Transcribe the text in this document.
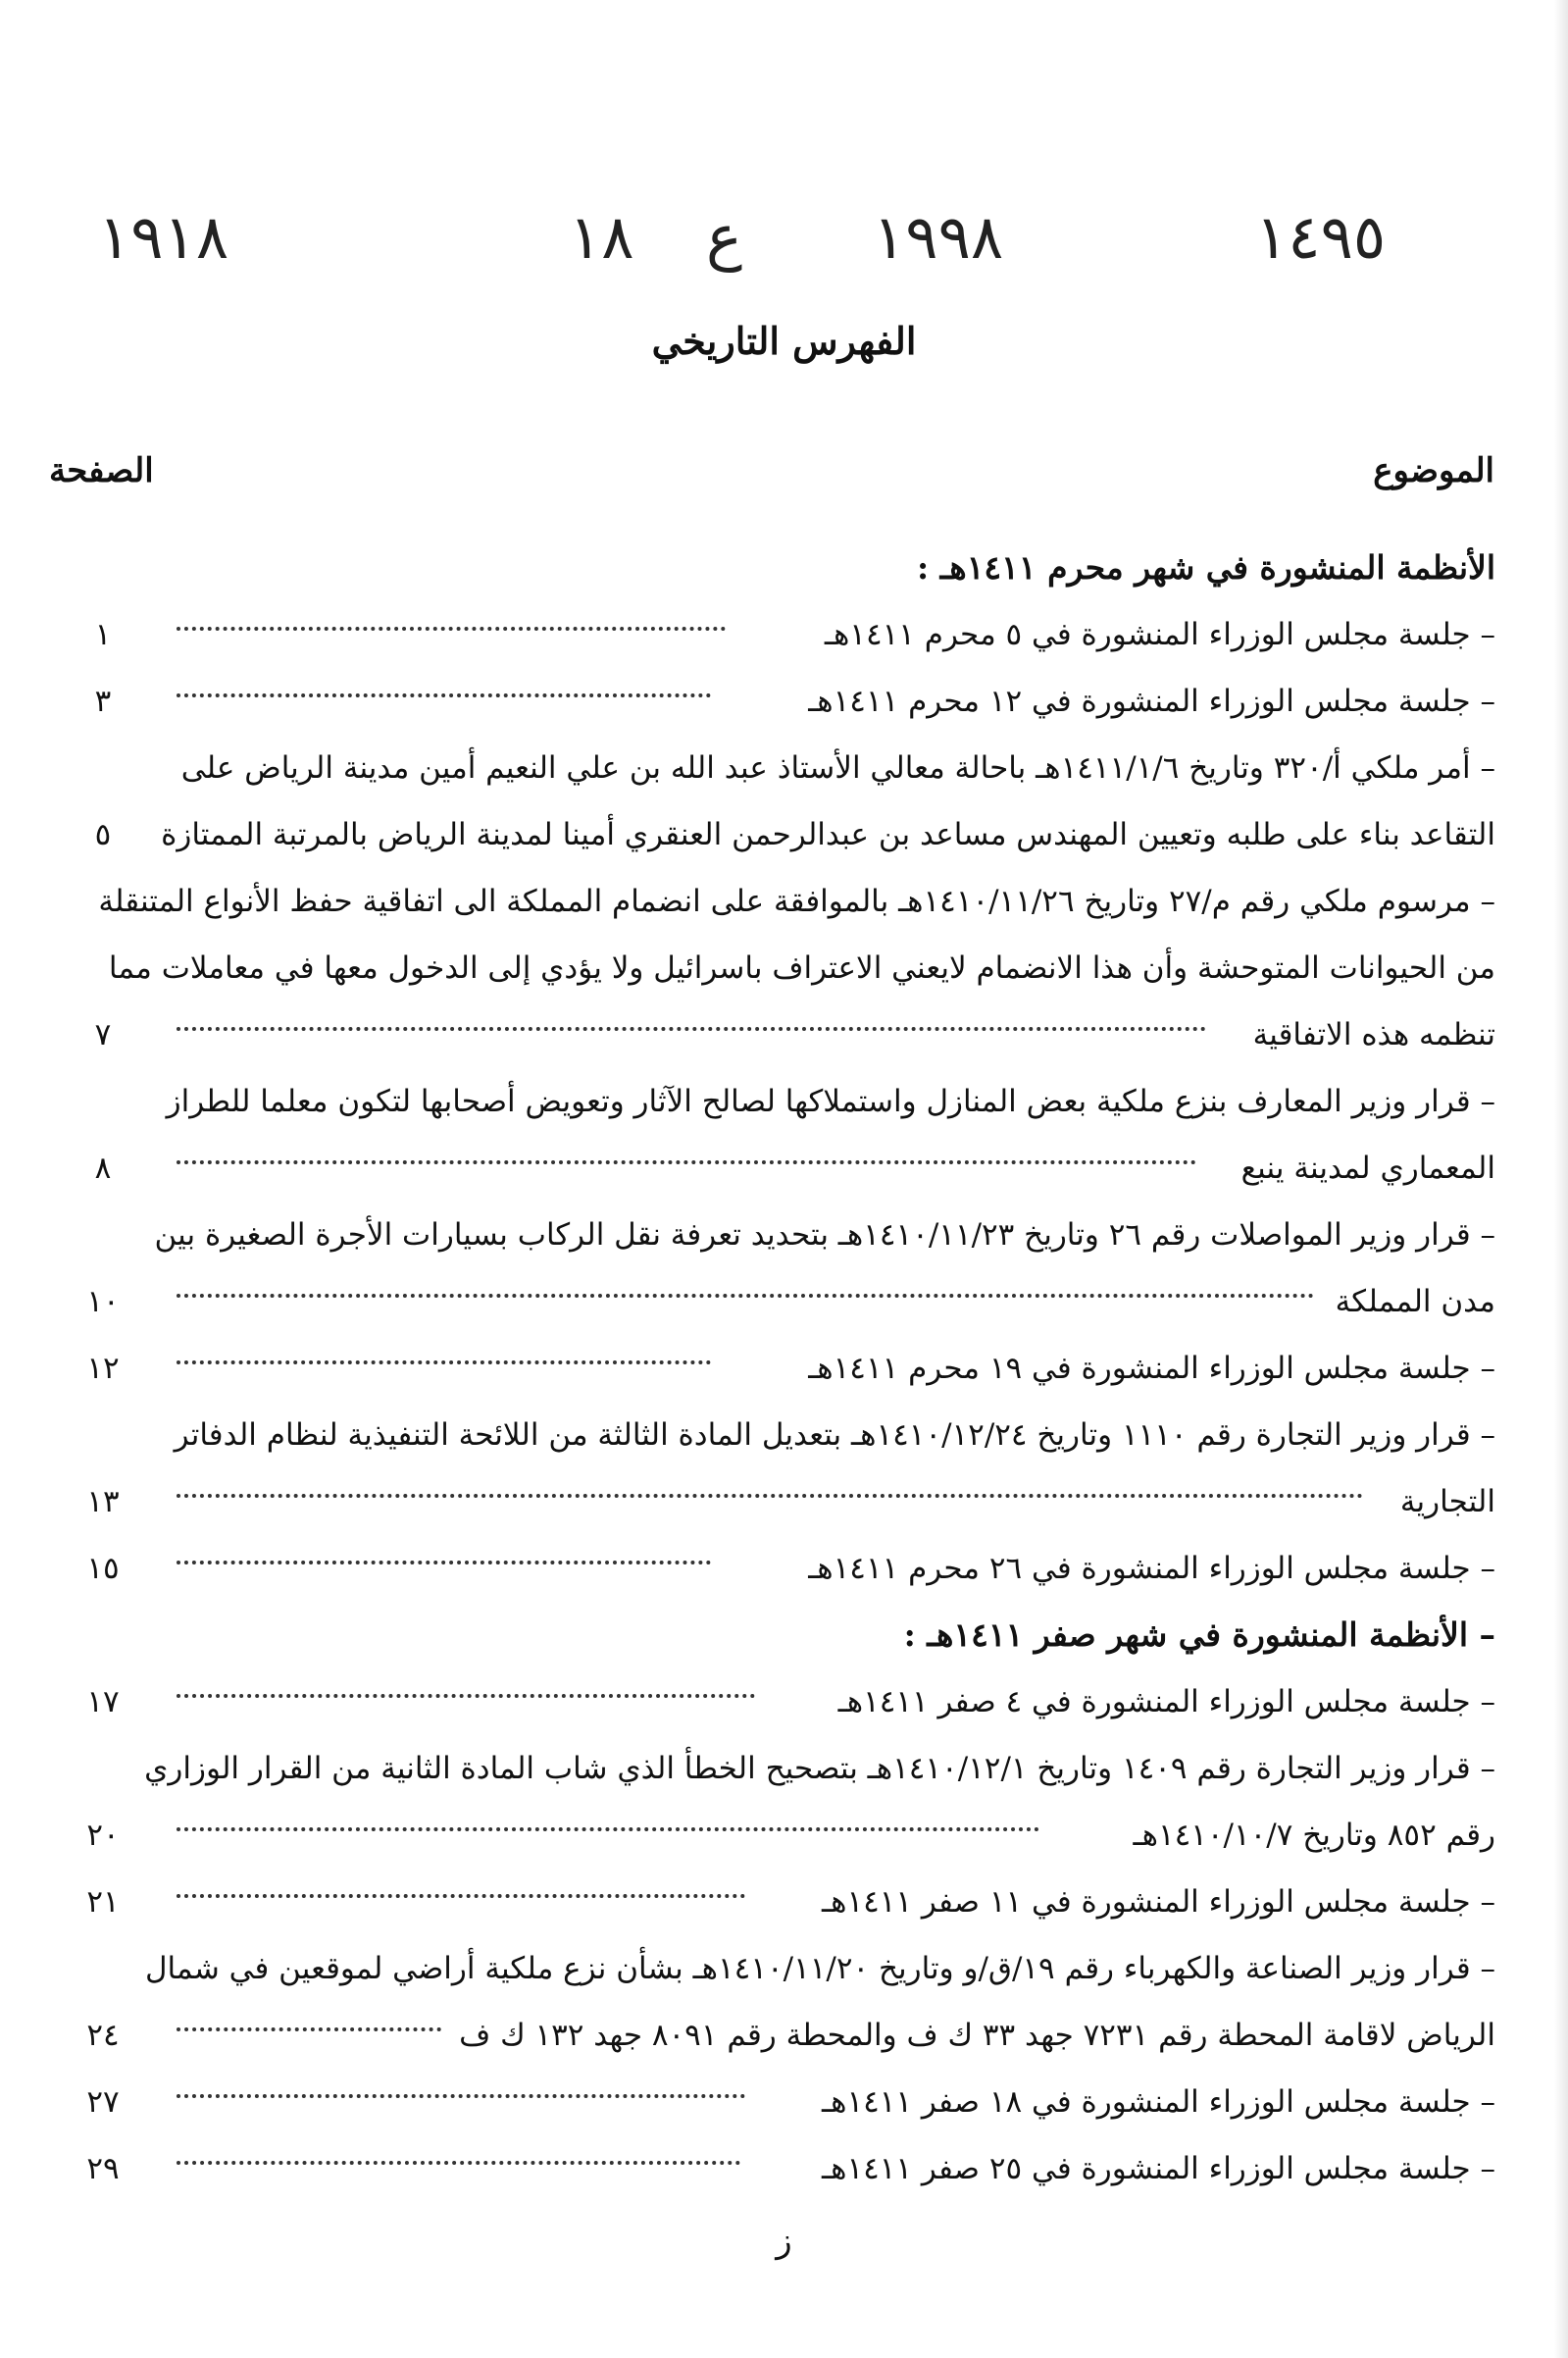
١٩١٨	١٨ ع ١٩٩٨	١٤٩٥
الفهرس التاريخي
الموضوع
الصفحة
الأنظمة المنشورة في شهر محرم ١٤١١هـ :
– جلسة مجلس الوزراء المنشورة في ٥ محرم ١٤١١هـ
١
– جلسة مجلس الوزراء المنشورة في ١٢ محرم ١٤١١هـ
٣
– أمر ملكي أ/٣٢٠ وتاريخ ١٤١١/١/٦هـ باحالة معالي الأستاذ عبد الله بن علي النعيم أمين مدينة الرياض على
التقاعد بناء على طلبه وتعيين المهندس مساعد بن عبدالرحمن العنقري أمينا لمدينة الرياض بالمرتبة الممتازة
٥
– مرسوم ملكي رقم م/٢٧ وتاريخ ١٤١٠/١١/٢٦هـ بالموافقة على انضمام المملكة الى اتفاقية حفظ الأنواع المتنقلة
من الحيوانات المتوحشة وأن هذا الانضمام لايعني الاعتراف باسرائيل ولا يؤدي إلى الدخول معها في معاملات مما
تنظمه هذه الاتفاقية
٧
– قرار وزير المعارف بنزع ملكية بعض المنازل واستملاكها لصالح الآثار وتعويض أصحابها لتكون معلما للطراز
المعماري لمدينة ينبع
٨
– قرار وزير المواصلات رقم ٢٦ وتاريخ ١٤١٠/١١/٢٣هـ بتحديد تعرفة نقل الركاب بسيارات الأجرة الصغيرة بين
مدن المملكة
١٠
– جلسة مجلس الوزراء المنشورة في ١٩ محرم ١٤١١هـ
١٢
– قرار وزير التجارة رقم ١١١٠ وتاريخ ١٤١٠/١٢/٢٤هـ بتعديل المادة الثالثة من اللائحة التنفيذية لنظام الدفاتر
التجارية
١٣
– جلسة مجلس الوزراء المنشورة في ٢٦ محرم ١٤١١هـ
١٥
– الأنظمة المنشورة في شهر صفر ١٤١١هـ :
– جلسة مجلس الوزراء المنشورة في ٤ صفر ١٤١١هـ
١٧
– قرار وزير التجارة رقم ١٤٠٩ وتاريخ ١٤١٠/١٢/١هـ بتصحيح الخطأ الذي شاب المادة الثانية من القرار الوزاري
رقم ٨٥٢ وتاريخ ١٤١٠/١٠/٧هـ
٢٠
– جلسة مجلس الوزراء المنشورة في ١١ صفر ١٤١١هـ
٢١
– قرار وزير الصناعة والكهرباء رقم ١٩/ق/و وتاريخ ١٤١٠/١١/٢٠هـ بشأن نزع ملكية أراضي لموقعين في شمال
الرياض لاقامة المحطة رقم ٧٢٣١ جهد ٣٣ ك ف والمحطة رقم ٨٠٩١ جهد ١٣٢ ك ف
٢٤
– جلسة مجلس الوزراء المنشورة في ١٨ صفر ١٤١١هـ
٢٧
– جلسة مجلس الوزراء المنشورة في ٢٥ صفر ١٤١١هـ
٢٩
ز
